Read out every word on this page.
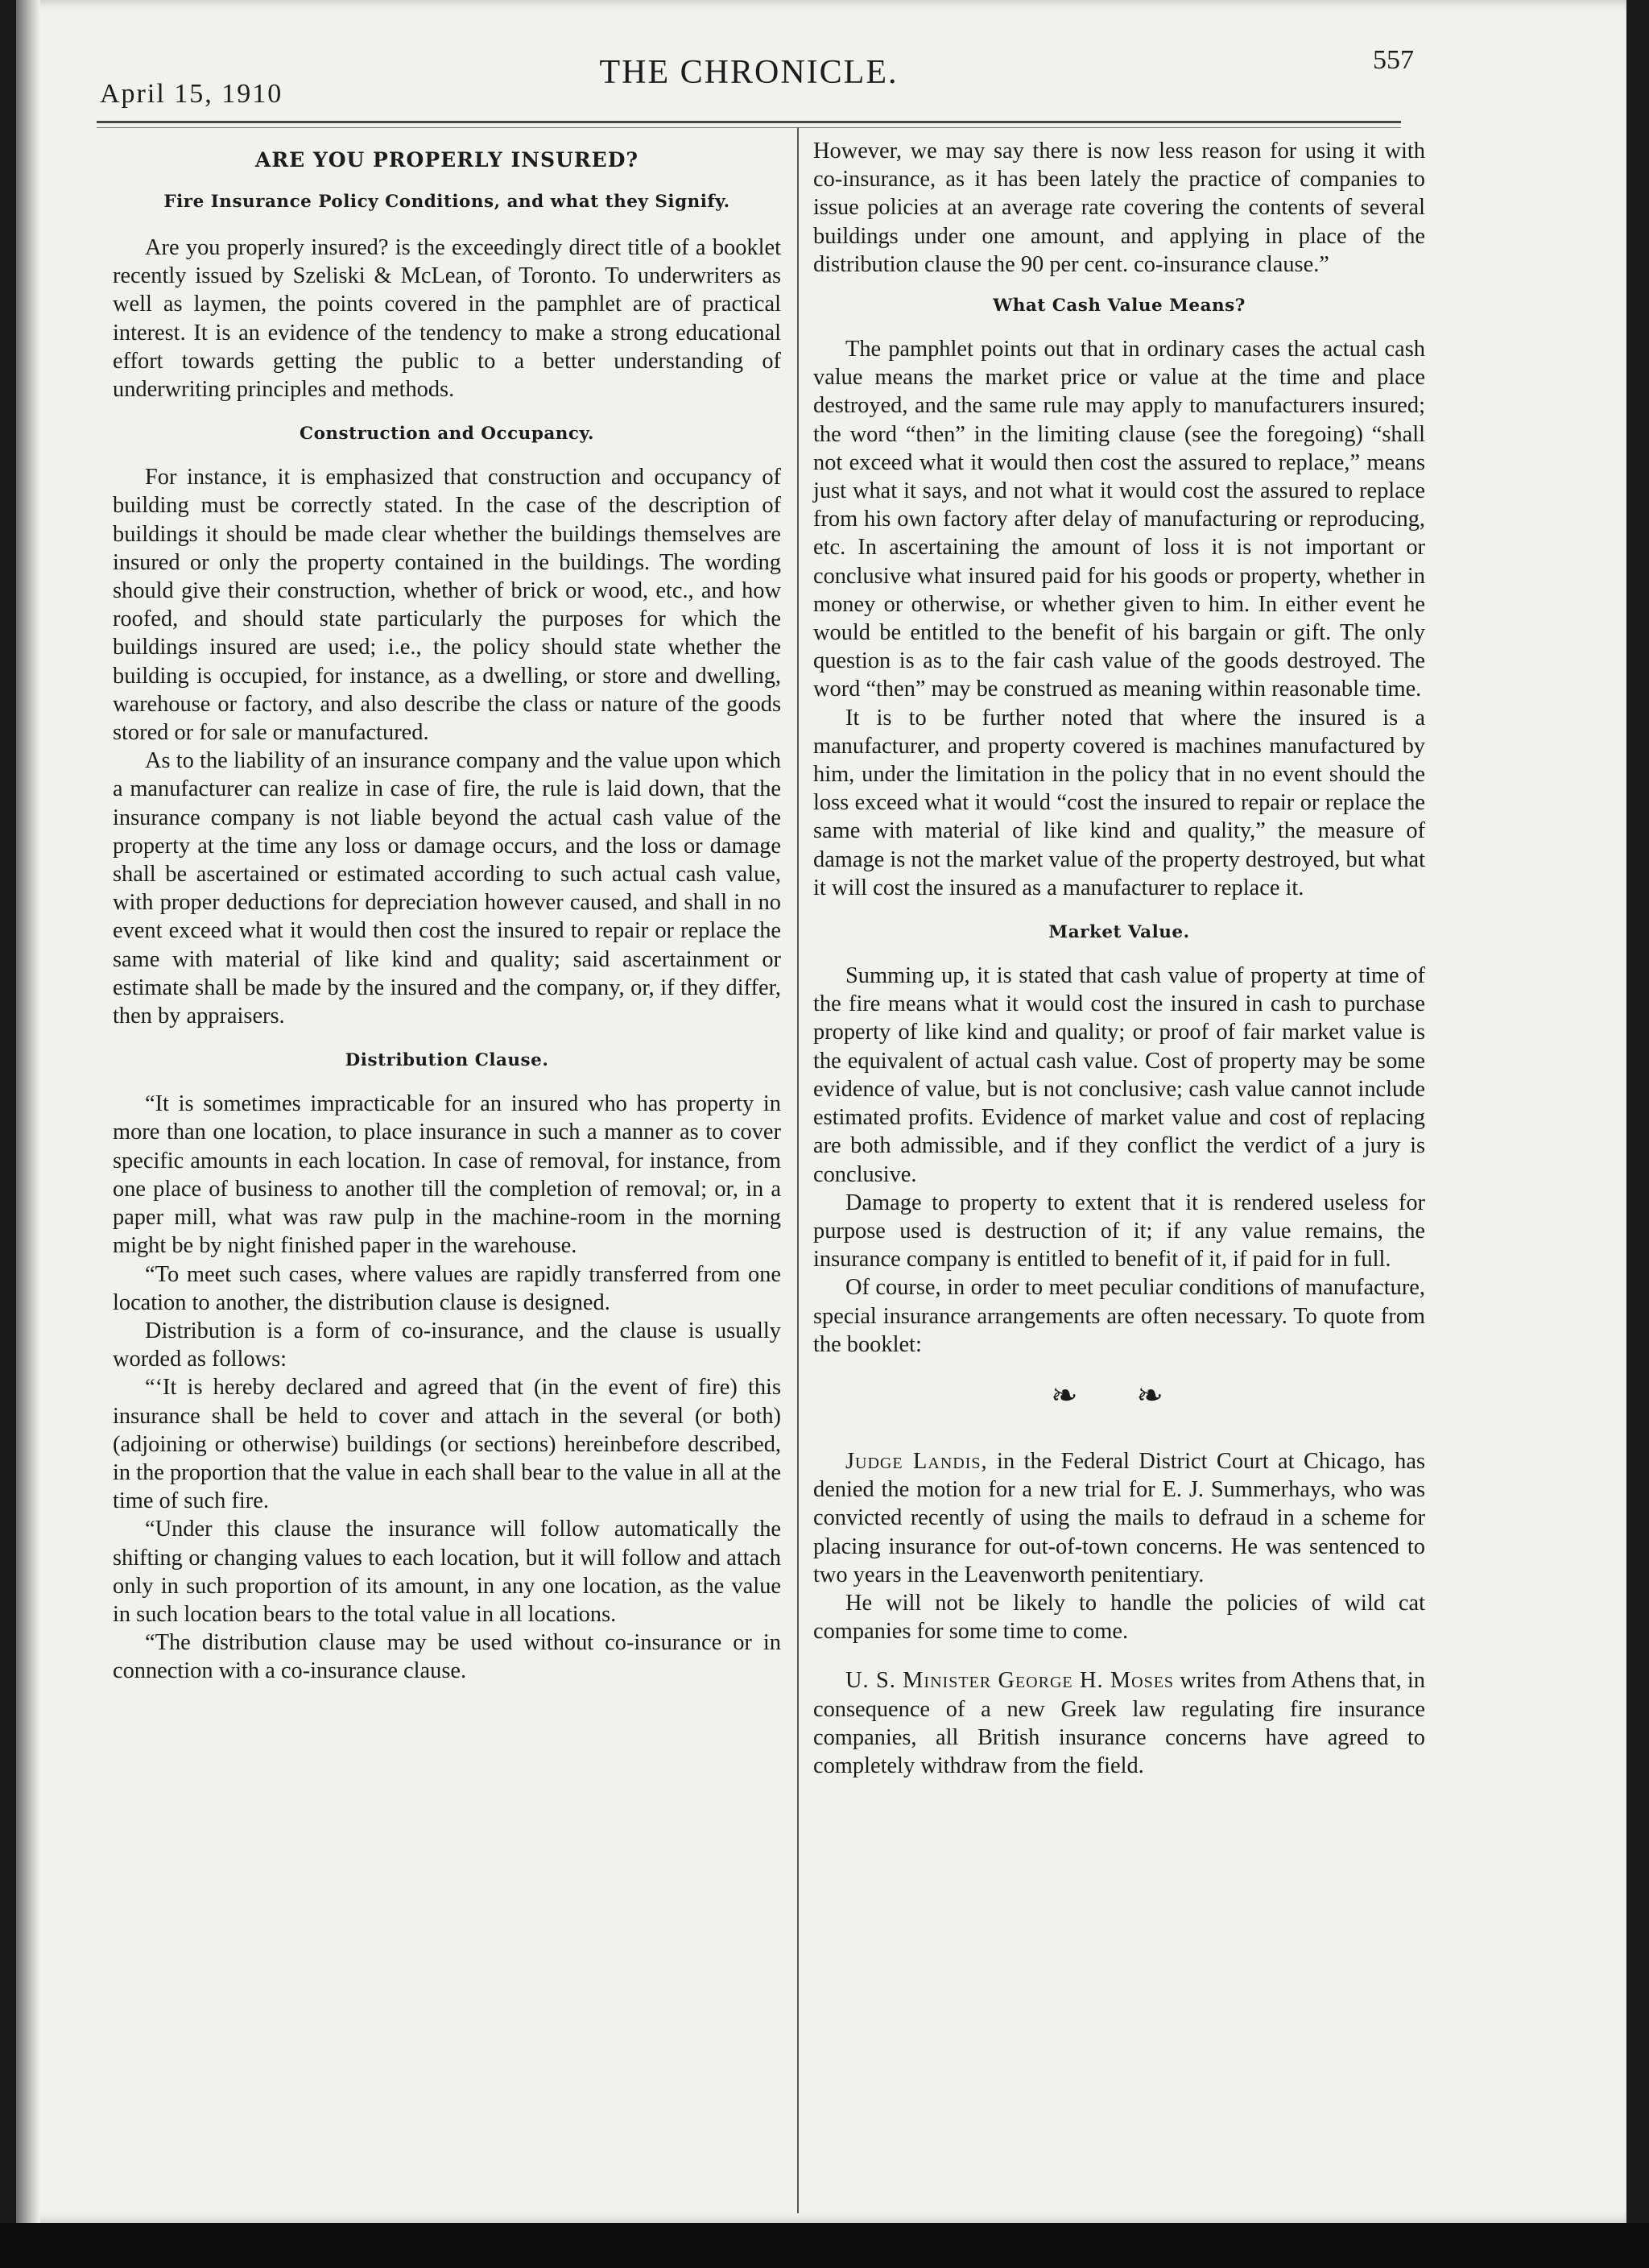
April 15, 1910
THE CHRONICLE.	557
ARE YOU PROPERLY INSURED?
Fire Insurance Policy Conditions, and what they Signify.

Are you properly insured? is the exceedingly direct title of a booklet recently issued by Szeliski & McLean, of Toronto. To underwriters as well as laymen, the points covered in the pamphlet are of practical interest. It is an evidence of the tendency to make a strong educational effort towards getting the public to a better understanding of underwriting principles and methods.

Construction and Occupancy.

For instance, it is emphasized that construction and occupancy of building must be correctly stated. In the case of the description of buildings it should be made clear whether the buildings themselves are insured or only the property contained in the buildings. The wording should give their construction, whether of brick or wood, etc., and how roofed, and should state particularly the purposes for which the buildings insured are used; i.e., the policy should state whether the building is occupied, for instance, as a dwelling, or store and dwelling, warehouse or factory, and also describe the class or nature of the goods stored or for sale or manufactured.

As to the liability of an insurance company and the value upon which a manufacturer can realize in case of fire, the rule is laid down, that the insurance company is not liable beyond the actual cash value of the property at the time any loss or damage occurs, and the loss or damage shall be ascertained or estimated according to such actual cash value, with proper deductions for depreciation however caused, and shall in no event exceed what it would then cost the insured to repair or replace the same with material of like kind and quality; said ascertainment or estimate shall be made by the insured and the company, or, if they differ, then by appraisers.

Distribution Clause.

“It is sometimes impracticable for an insured who has property in more than one location, to place insurance in such a manner as to cover specific amounts in each location. In case of removal, for instance, from one place of business to another till the completion of removal; or, in a paper mill, what was raw pulp in the machine-room in the morning might be by night finished paper in the warehouse.

“To meet such cases, where values are rapidly transferred from one location to another, the distribution clause is designed.

Distribution is a form of co-insurance, and the clause is usually worded as follows:

“‘It is hereby declared and agreed that (in the event of fire) this insurance shall be held to cover and attach in the several (or both) (adjoining or otherwise) buildings (or sections) hereinbefore described, in the proportion that the value in each shall bear to the value in all at the time of such fire.

“Under this clause the insurance will follow automatically the shifting or changing values to each location, but it will follow and attach only in such proportion of its amount, in any one location, as the value in such location bears to the total value in all locations.

“The distribution clause may be used without co-insurance or in connection with a co-insurance clause.

However, we may say there is now less reason for using it with co-insurance, as it has been lately the practice of companies to issue policies at an average rate covering the contents of several buildings under one amount, and applying in place of the distribution clause the 90 per cent. co-insurance clause.”

What Cash Value Means?

The pamphlet points out that in ordinary cases the actual cash value means the market price or value at the time and place destroyed, and the same rule may apply to manufacturers insured; the word “then” in the limiting clause (see the foregoing) “shall not exceed what it would then cost the assured to replace,” means just what it says, and not what it would cost the assured to replace from his own factory after delay of manufacturing or reproducing, etc. In ascertaining the amount of loss it is not important or conclusive what insured paid for his goods or property, whether in money or otherwise, or whether given to him. In either event he would be entitled to the benefit of his bargain or gift. The only question is as to the fair cash value of the goods destroyed. The word “then” may be construed as meaning within reasonable time.

It is to be further noted that where the insured is a manufacturer, and property covered is machines manufactured by him, under the limitation in the policy that in no event should the loss exceed what it would “cost the insured to repair or replace the same with material of like kind and quality,” the measure of damage is not the market value of the property destroyed, but what it will cost the insured as a manufacturer to replace it.

Market Value.

Summing up, it is stated that cash value of property at time of the fire means what it would cost the insured in cash to purchase property of like kind and quality; or proof of fair market value is the equivalent of actual cash value. Cost of property may be some evidence of value, but is not conclusive; cash value cannot include estimated profits. Evidence of market value and cost of replacing are both admissible, and if they conflict the verdict of a jury is conclusive.

Damage to property to extent that it is rendered useless for purpose used is destruction of it; if any value remains, the insurance company is entitled to benefit of it, if paid for in full.

Of course, in order to meet peculiar conditions of manufacture, special insurance arrangements are often necessary. To quote from the booklet:

❧ ❧

Judge Landis, in the Federal District Court at Chicago, has denied the motion for a new trial for E. J. Summerhays, who was convicted recently of using the mails to defraud in a scheme for placing insurance for out-of-town concerns. He was sentenced to two years in the Leavenworth penitentiary.

He will not be likely to handle the policies of wild cat companies for some time to come.

U. S. Minister George H. Moses writes from Athens that, in consequence of a new Greek law regulating fire insurance companies, all British insurance concerns have agreed to completely withdraw from the field.
